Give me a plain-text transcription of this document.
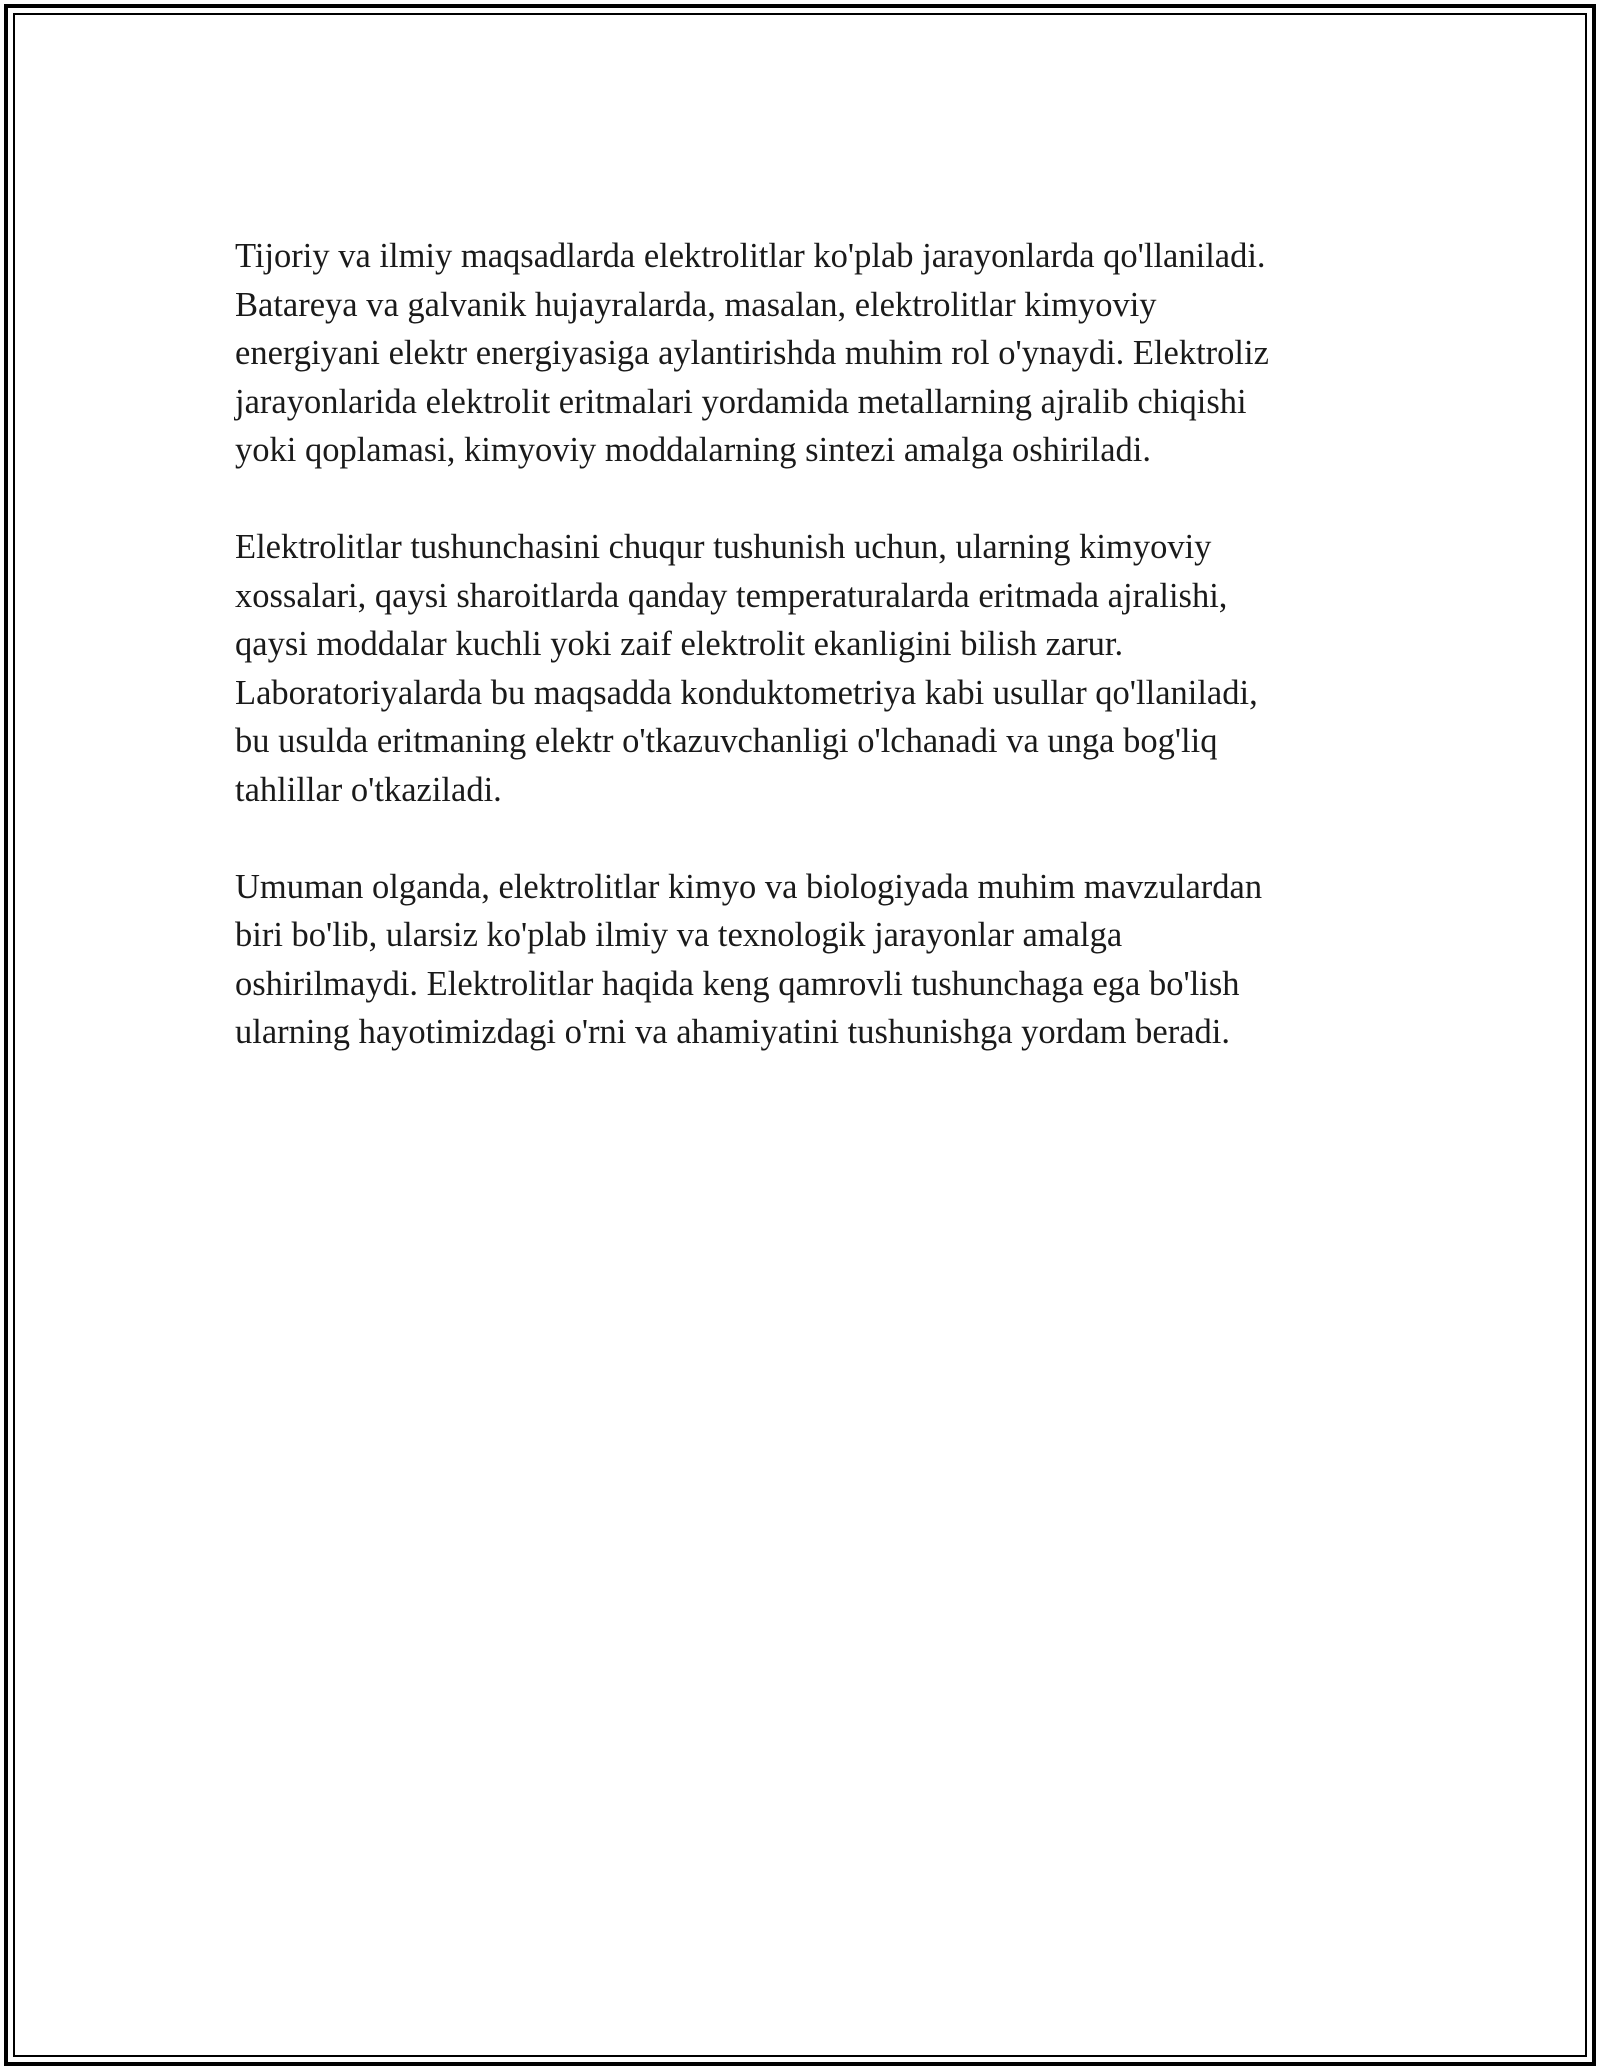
Tijoriy va ilmiy maqsadlarda elektrolitlar ko'plab jarayonlarda qo'llaniladi.
Batareya va galvanik hujayralarda, masalan, elektrolitlar kimyoviy
energiyani elektr energiyasiga aylantirishda muhim rol o'ynaydi. Elektroliz
jarayonlarida elektrolit eritmalari yordamida metallarning ajralib chiqishi
yoki qoplamasi, kimyoviy moddalarning sintezi amalga oshiriladi.

Elektrolitlar tushunchasini chuqur tushunish uchun, ularning kimyoviy
xossalari, qaysi sharoitlarda qanday temperaturalarda eritmada ajralishi,
qaysi moddalar kuchli yoki zaif elektrolit ekanligini bilish zarur.
Laboratoriyalarda bu maqsadda konduktometriya kabi usullar qo'llaniladi,
bu usulda eritmaning elektr o'tkazuvchanligi o'lchanadi va unga bog'liq
tahlillar o'tkaziladi.

Umuman olganda, elektrolitlar kimyo va biologiyada muhim mavzulardan
biri bo'lib, ularsiz ko'plab ilmiy va texnologik jarayonlar amalga
oshirilmaydi. Elektrolitlar haqida keng qamrovli tushunchaga ega bo'lish
ularning hayotimizdagi o'rni va ahamiyatini tushunishga yordam beradi.
